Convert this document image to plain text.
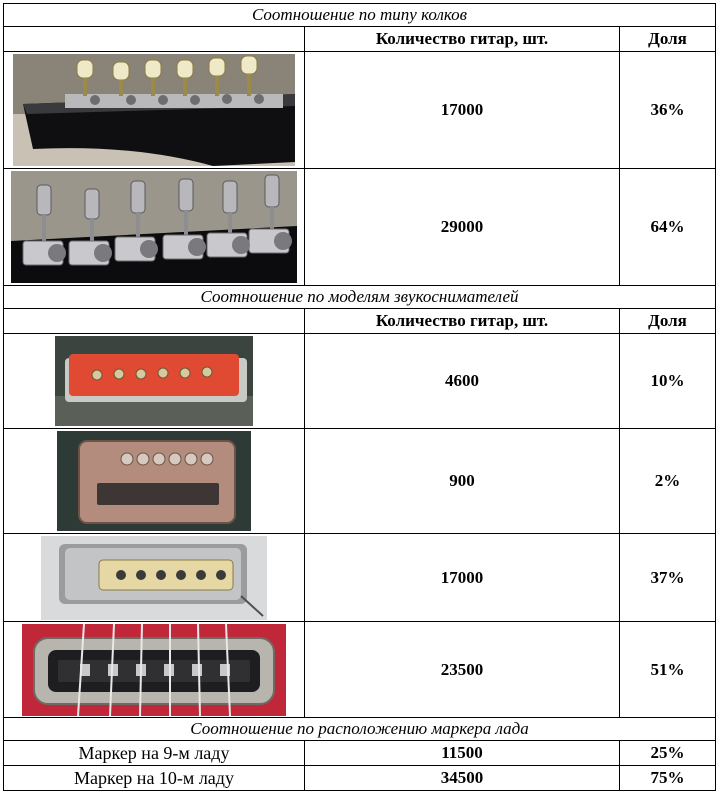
Соотношение по типу колков		
	Количество гитар, шт.	Доля

	17000	36%

	29000	64%
Соотношение по моделям звукоснимателей		
	Количество гитар, шт.	Доля

	4600	10%

	900	2%

	17000	37%

	23500	51%
Соотношение по расположению маркера лада		
Маркер на 9-м ладу	11500	25%
Маркер на 10-м ладу	34500	75%
